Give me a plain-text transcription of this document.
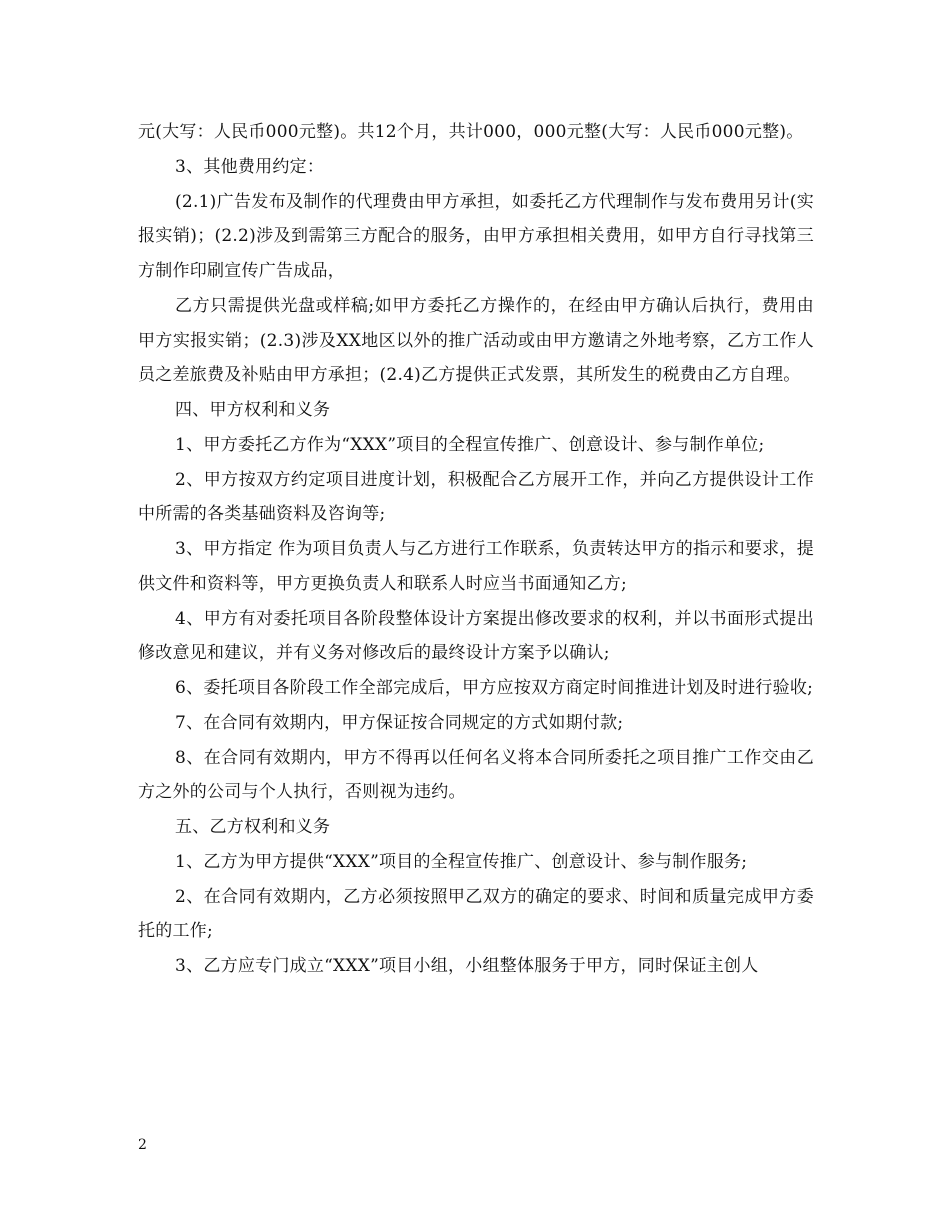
元(大写：人民币000元整)。共12个月，共计000，000元整(大写：人民币000元整)。

3、其他费用约定：

(2.1)广告发布及制作的代理费由甲方承担，如委托乙方代理制作与发布费用另计(实报实销)；(2.2)涉及到需第三方配合的服务，由甲方承担相关费用，如甲方自行寻找第三方制作印刷宣传广告成品，

乙方只需提供光盘或样稿;如甲方委托乙方操作的，在经由甲方确认后执行，费用由甲方实报实销；(2.3)涉及XX地区以外的推广活动或由甲方邀请之外地考察，乙方工作人员之差旅费及补贴由甲方承担；(2.4)乙方提供正式发票，其所发生的税费由乙方自理。

四、甲方权利和义务

1、甲方委托乙方作为“XXX”项目的全程宣传推广、创意设计、参与制作单位;

2、甲方按双方约定项目进度计划，积极配合乙方展开工作，并向乙方提供设计工作中所需的各类基础资料及咨询等;

3、甲方指定 作为项目负责人与乙方进行工作联系，负责转达甲方的指示和要求，提供文件和资料等，甲方更换负责人和联系人时应当书面通知乙方;

4、甲方有对委托项目各阶段整体设计方案提出修改要求的权利，并以书面形式提出修改意见和建议，并有义务对修改后的最终设计方案予以确认;

6、委托项目各阶段工作全部完成后，甲方应按双方商定时间推进计划及时进行验收;

7、在合同有效期内，甲方保证按合同规定的方式如期付款;

8、在合同有效期内，甲方不得再以任何名义将本合同所委托之项目推广工作交由乙方之外的公司与个人执行，否则视为违约。

五、乙方权利和义务

1、乙方为甲方提供“XXX”项目的全程宣传推广、创意设计、参与制作服务;

2、在合同有效期内，乙方必须按照甲乙双方的确定的要求、时间和质量完成甲方委托的工作;

3、乙方应专门成立“XXX”项目小组，小组整体服务于甲方，同时保证主创人

2
